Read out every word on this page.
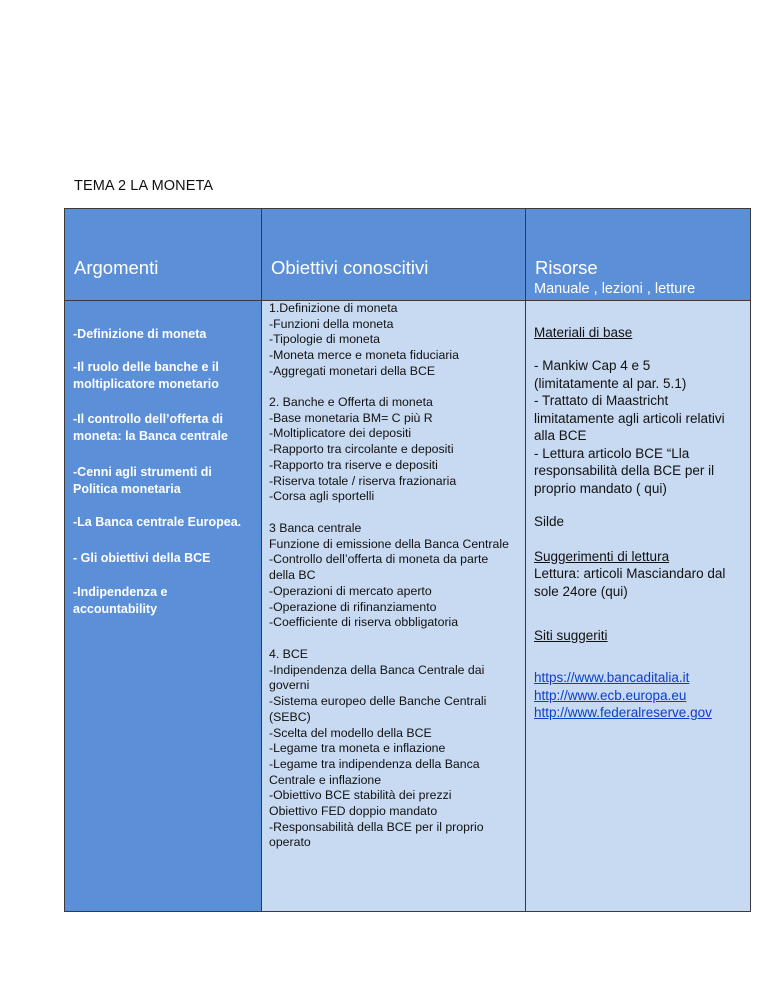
TEMA 2 LA MONETA
Argomenti	Obiettivi conoscitivi	Risorse
Manuale , lezioni , letture
-Definizione di moneta
-Il ruolo delle banche e il
moltiplicatore monetario
-Il controllo dell’offerta di
moneta: la Banca centrale
-Cenni agli strumenti di
Politica monetaria
-La Banca centrale Europea.
- Gli obiettivi della BCE
-Indipendenza e
accountability
1.Definizione di moneta
-Funzioni della moneta
-Tipologie di moneta
-Moneta merce e moneta fiduciaria
-Aggregati monetari della BCE
2. Banche e Offerta di moneta
-Base monetaria BM= C più R
-Moltiplicatore dei depositi
-Rapporto tra circolante e depositi
-Rapporto tra riserve e depositi
-Riserva totale / riserva frazionaria
-Corsa agli sportelli
3 Banca centrale
Funzione di emissione della Banca Centrale
-Controllo dell’offerta di moneta da parte
della BC
-Operazioni di mercato aperto
-Operazione di rifinanziamento
-Coefficiente di riserva obbligatoria
4. BCE
-Indipendenza della Banca Centrale dai
governi
-Sistema europeo delle Banche Centrali
(SEBC)
-Scelta del modello della BCE
-Legame tra moneta e inflazione
-Legame tra indipendenza della Banca
Centrale e inflazione
-Obiettivo BCE stabilità dei prezzi
Obiettivo FED doppio mandato
-Responsabilità della BCE per il proprio
operato
Materiali di base
- Mankiw Cap 4 e 5
(limitatamente al par. 5.1)
- Trattato di Maastricht
limitatamente agli articoli relativi
alla BCE
- Lettura articolo BCE “Lla
responsabilità della BCE per il
proprio mandato ( qui)
Silde
Suggerimenti di lettura
Lettura: articoli Masciandaro dal
sole 24ore (qui)
Siti suggeriti
https://www.bancaditalia.it
http://www.ecb.europa.eu
http://www.federalreserve.gov
